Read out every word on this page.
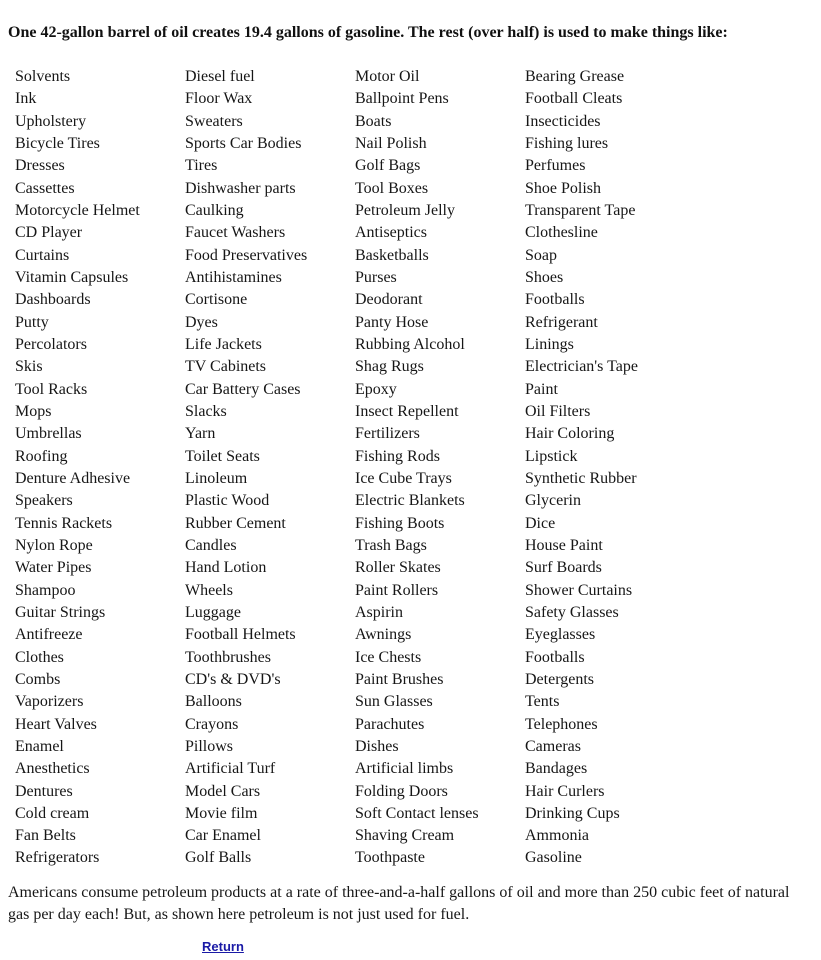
One 42-gallon barrel of oil creates 19.4 gallons of gasoline. The rest (over half) is used to make things like:
Solvents
Ink
Upholstery
Bicycle Tires
Dresses
Cassettes
Motorcycle Helmet
CD Player
Curtains
Vitamin Capsules
Dashboards
Putty
Percolators
Skis
Tool Racks
Mops
Umbrellas
Roofing
Denture Adhesive
Speakers
Tennis Rackets
Nylon Rope
Water Pipes
Shampoo
Guitar Strings
Antifreeze
Clothes
Combs
Vaporizers
Heart Valves
Enamel
Anesthetics
Dentures
Cold cream
Fan Belts
Refrigerators
Diesel fuel
Floor Wax
Sweaters
Sports Car Bodies
Tires
Dishwasher parts
Caulking
Faucet Washers
Food Preservatives
Antihistamines
Cortisone
Dyes
Life Jackets
TV Cabinets
Car Battery Cases
Slacks
Yarn
Toilet Seats
Linoleum
Plastic Wood
Rubber Cement
Candles
Hand Lotion
Wheels
Luggage
Football Helmets
Toothbrushes
CD's & DVD's
Balloons
Crayons
Pillows
Artificial Turf
Model Cars
Movie film
Car Enamel
Golf Balls
Motor Oil
Ballpoint Pens
Boats
Nail Polish
Golf Bags
Tool Boxes
Petroleum Jelly
Antiseptics
Basketballs
Purses
Deodorant
Panty Hose
Rubbing Alcohol
Shag Rugs
Epoxy
Insect Repellent
Fertilizers
Fishing Rods
Ice Cube Trays
Electric Blankets
Fishing Boots
Trash Bags
Roller Skates
Paint Rollers
Aspirin
Awnings
Ice Chests
Paint Brushes
Sun Glasses
Parachutes
Dishes
Artificial limbs
Folding Doors
Soft Contact lenses
Shaving Cream
Toothpaste
Bearing Grease
Football Cleats
Insecticides
Fishing lures
Perfumes
Shoe Polish
Transparent Tape
Clothesline
Soap
Shoes
Footballs
Refrigerant
Linings
Electrician's Tape
Paint
Oil Filters
Hair Coloring
Lipstick
Synthetic Rubber
Glycerin
Dice
House Paint
Surf Boards
Shower Curtains
Safety Glasses
Eyeglasses
Footballs
Detergents
Tents
Telephones
Cameras
Bandages
Hair Curlers
Drinking Cups
Ammonia
Gasoline

Americans consume petroleum products at a rate of three-and-a-half gallons of oil and more than 250 cubic feet of natural gas per day each! But, as shown here petroleum is not just used for fuel.

Return
